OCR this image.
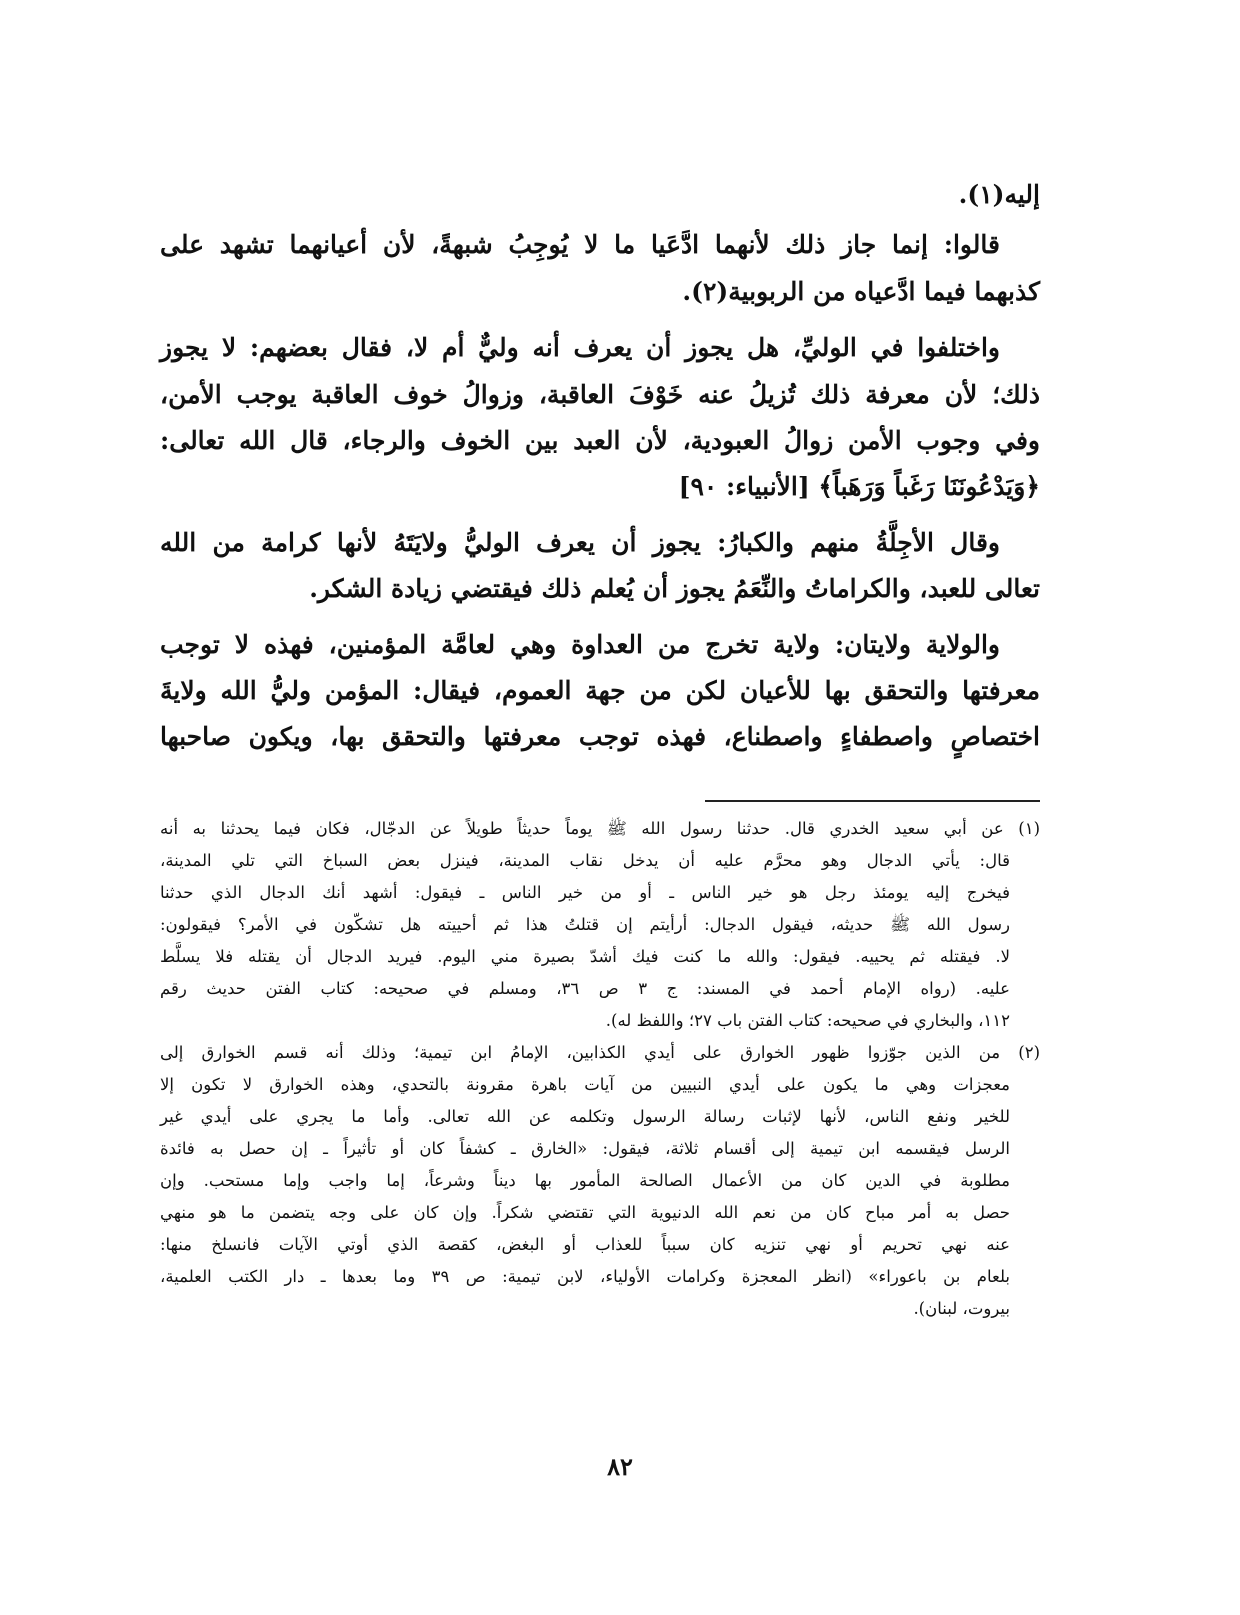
إليه(١).
قالوا: إنما جاز ذلك لأنهما ادَّعَيا ما لا يُوجِبُ شبهةً، لأن أعيانهما تشهد على
كذبهما فيما ادَّعياه من الربوبية(٢).
واختلفوا في الوليِّ، هل يجوز أن يعرف أنه وليٌّ أم لا، فقال بعضهم: لا يجوز
ذلك؛ لأن معرفة ذلك تُزيلُ عنه خَوْفَ العاقبة، وزوالُ خوف العاقبة يوجب الأمن،
وفي وجوب الأمن زوالُ العبودية، لأن العبد بين الخوف والرجاء، قال الله تعالى:
﴿وَيَدْعُونَنَا رَغَباً وَرَهَباً﴾ [الأنبياء: ٩٠]
وقال الأجِلَّةُ منهم والكبارُ: يجوز أن يعرف الوليُّ ولايَتَهُ لأنها كرامة من الله
تعالى للعبد، والكراماتُ والنِّعَمُ يجوز أن يُعلم ذلك فيقتضي زيادة الشكر.
والولاية ولايتان: ولاية تخرج من العداوة وهي لعامَّة المؤمنين، فهذه لا توجب
معرفتها والتحقق بها للأعيان لكن من جهة العموم، فيقال: المؤمن وليُّ الله ولايةَ
اختصاصٍ واصطفاءٍ واصطناع، فهذه توجب معرفتها والتحقق بها، ويكون صاحبها
(١) عن أبي سعيد الخدري قال. حدثنا رسول الله ﷺ يوماً حديثاً طويلاً عن الدجّال، فكان فيما يحدثنا به أنه
قال: يأتي الدجال وهو محرَّم عليه أن يدخل نقاب المدينة، فينزل بعض السباخ التي تلي المدينة،
فيخرج إليه يومئذ رجل هو خير الناس ـ أو من خير الناس ـ فيقول: أشهد أنك الدجال الذي حدثنا
رسول الله ﷺ حديثه، فيقول الدجال: أرأيتم إن قتلتُ هذا ثم أحييته هل تشكّون في الأمر؟ فيقولون:
لا. فيقتله ثم يحييه. فيقول: والله ما كنت فيك أشدّ بصيرة مني اليوم. فيريد الدجال أن يقتله فلا يسلَّط
عليه. (رواه الإمام أحمد في المسند: ج ٣ ص ٣٦، ومسلم في صحيحه: كتاب الفتن حديث رقم
١١٢، والبخاري في صحيحه: كتاب الفتن باب ٢٧؛ واللفظ له).
(٢) من الذين جوّزوا ظهور الخوارق على أيدي الكذابين، الإمامُ ابن تيمية؛ وذلك أنه قسم الخوارق إلى
معجزات وهي ما يكون على أيدي النبيين من آيات باهرة مقرونة بالتحدي، وهذه الخوارق لا تكون إلا
للخير ونفع الناس، لأنها لإثبات رسالة الرسول وتكلمه عن الله تعالى. وأما ما يجري على أيدي غير
الرسل فيقسمه ابن تيمية إلى أقسام ثلاثة، فيقول: «الخارق ـ كشفاً كان أو تأثيراً ـ إن حصل به فائدة
مطلوبة في الدين كان من الأعمال الصالحة المأمور بها ديناً وشرعاً، إما واجب وإما مستحب. وإن
حصل به أمر مباح كان من نعم الله الدنيوية التي تقتضي شكراً. وإن كان على وجه يتضمن ما هو منهي
عنه نهي تحريم أو نهي تنزيه كان سبباً للعذاب أو البغض، كقصة الذي أوتي الآيات فانسلخ منها:
بلعام بن باعوراء» (انظر المعجزة وكرامات الأولياء، لابن تيمية: ص ٣٩ وما بعدها ـ دار الكتب العلمية،
بيروت، لبنان).
٨٢
